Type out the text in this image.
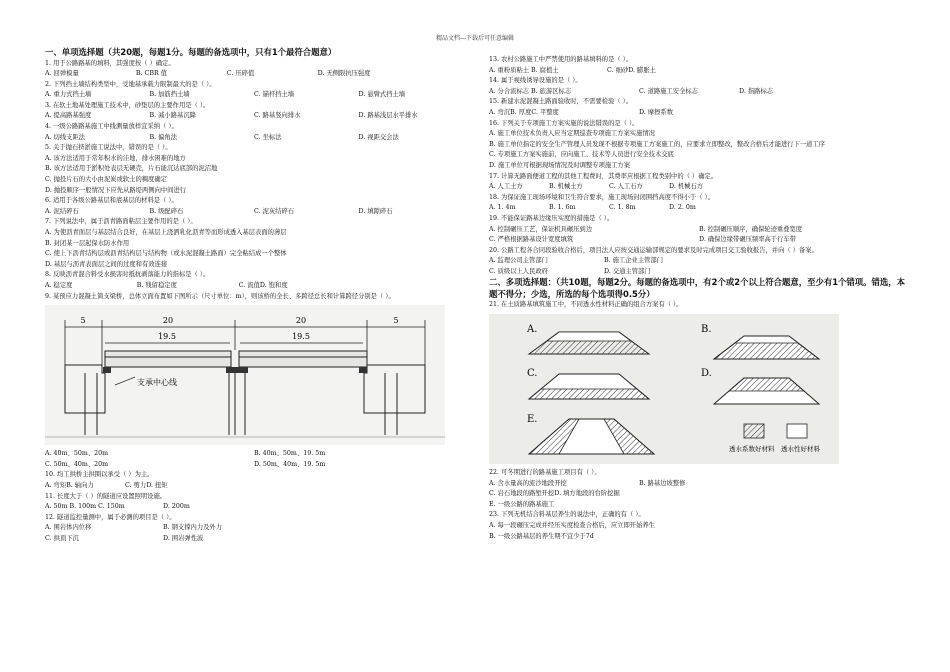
精品文档---下载后可任意编辑
一、单项选择题（共20题，每题1分。每题的备选项中，只有1个最符合题意）
1. 用于公路路基的填料，其强度按（ ）确定。
A. 回弹模量	B. CBR 值	C. 压碎值	D. 无侧限抗压强度
2. 下列挡土墙结构类型中，受地基承载力限制最大的是（ ）。
A. 重力式挡土墙	B. 加筋挡土墙	C. 锚杆挡土墙	D. 悬臂式挡土墙
3. 在软土地基处理施工技术中，砂垫层的主要作用是（ ）。
A. 提高路基强度	B. 减小路基沉降	C. 路基竖向排水	D. 路基浅层水平排水
4. 一级公路路基施工中线测量放样宜采纳（ ）。
A. 切线支距法	B. 偏角法	C. 坐标法	D. 视距交会法
5. 关于抛石挤淤施工说法中，错误的是（ ）。
A. 该方法适用于常年积水的洼地，排水困难的地方
B. 该方法适用于淤积处表层无硬壳，片石能沉达底部的泥沼地
C. 抛投片石的大小由泥炭或软土的稠度确定
D. 抛投顺序一般情况下应先从路堤两侧向中间进行
6. 适用于各级公路基层和底基层的材料是（ ）。
A. 泥结碎石	B. 级配碎石	C. 泥灰结碎石	D. 填隙碎石
7. 下列说法中，属于沥青路面粘层主要作用的是（ ）。
A. 为使沥青面层与基层结合良好，在基层上浇洒乳化沥青等而形成透入基层表面的薄层
B. 封闭某一层起保水防水作用
C. 使上下沥青结构层或沥青结构层与结构物（或水泥混凝土路面）完全粘结成一个整体
D. 基层与沥青表面层之间的过度和有效连接
8. 反映沥青混合料受水损害时抵抗剥落能力的指标是（ ）。
A. 稳定度	B. 残留稳定度	C. 流值D. 饱和度
9. 某预应力混凝土简支梁桥，总体立面布置如下图所示（尺寸单位：m），则该桥的全长、多跨径总长和计算跨径分别是（ ）。
5	20	20	5
19.5	19.5
支承中心线
A. 40m、50m、20m	B. 40m、50m、19. 5m
C. 50m、40m、20m	D. 50m、40m、19. 5m
10. 均工拱桥主拱圈以承受（ ）为主。
A. 弯矩B. 轴向力	C. 剪力D. 扭矩
11. 长度大于（ ）的隧道应设置照明设施。
A. 50m B. 100m C. 150m	D. 200m
12. 隧道监控量测中，属于必测的项目是（ ）。
A. 围岩体内位移	B. 钢支撑内力及外力
C. 拱顶下沉	D. 围岩弹性波
13. 农村公路施工中严禁使用的路基填料的是（ ）。
A. 重粉质粘土 B. 腐植土	C. 细砂D. 膨胀土
14. 属于视线诱导设施的是（ ）。
A. 分合流标志 B. 旅游区标志	C. 道路施工安全标志	D. 指路标志
15. 新建水泥混凝土路面验收时，不需要检验（ ）。
A. 弯沉B. 厚度C. 平整度	D. 摩擦系数
16. 下列关于专项施工方案实施的说法错误的是（ ）。
A. 施工单位技术负责人应当定期巡查专项施工方案实施情况
B. 施工单位指定的安全生产管理人员发现不根据专项施工方案施工的，应要求立即整改，整改合格后才能进行下一道工序
C. 专项施工方案实施前，应向施工、技术等人员进行安全技术交底
D. 施工单位可根据现场情况及时调整专项施工方案
17. 计算无路面便道工程的其他工程费时，其费率应根据工程类别中的（ ）确定。
A. 人工土方	B. 机械土方	C. 人工石方	D. 机械石方
18. 为保证施工现场环境和卫生符合要求，施工现场封闭围挡高度不得小于（ ）。
A. 1. 4m	B. 1. 6m	C. 1. 8m	D. 2. 0m
19. 不能保证路基边缘压实度的措施是（ ）。
A. 控制碾压工艺，保证机具碾压到边	B. 控制碾压顺序，确保轮迹重叠宽度
C. 严格根据路基设计宽度填筑	D. 确保边缘带碾压频率高于行车带
20. 公路工程各合同段验收合格后，项目法人应按交通运输部规定的要求及时完成项目交工验收报告，并向（ ）备案。
A. 监理公司主管部门	B. 施工企业主管部门
C. 质级以上人民政府	D. 交通主管部门
二、多项选择题：（共10题，每题2分。每题的备选项中，有2个或2个以上符合题意，至少有1个错项。错选，本题不得分；少选，所选的每个选项得0.5分）
21. 在土质路基填筑施工中，不同透水性材料正确的组合方案有（ ）。
A.	B.
C.	D.
E.
透水系数好材料 透水性好材料
22. 可冬期进行的路基施工项目有（ ）。
A. 含水量高的流沙地段开挖	B. 路基边坡整修
C. 岩石地段的路堑开挖D. 填方地段的台阶挖掘
E. 一级公路的路基施工
23. 下列无机结合料基层养生的说法中，正确的有（ ）。
A. 每一段碾压完成并经压实度检查合格后，应立即开始养生
B. 一级公路基层的养生期不宜少于7d
